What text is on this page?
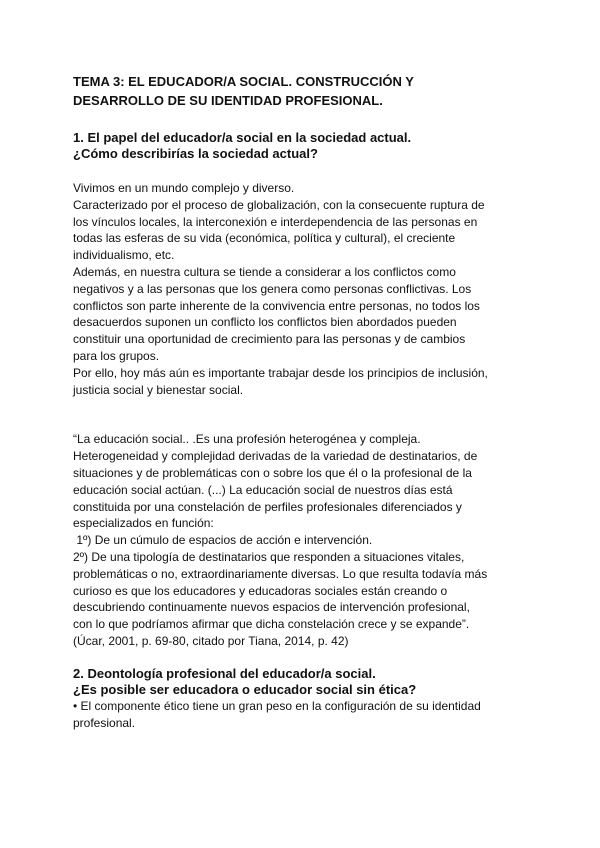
TEMA 3: EL EDUCADOR/A SOCIAL. CONSTRUCCIÓN Y
DESARROLLO DE SU IDENTIDAD PROFESIONAL.
1. El papel del educador/a social en la sociedad actual.
¿Cómo describirías la sociedad actual?
Vivimos en un mundo complejo y diverso.
Caracterizado por el proceso de globalización, con la consecuente ruptura de
los vínculos locales, la interconexión e interdependencia de las personas en
todas las esferas de su vida (económica, política y cultural), el creciente
individualismo, etc.
Además, en nuestra cultura se tiende a considerar a los conflictos como
negativos y a las personas que los genera como personas conflictivas. Los
conflictos son parte inherente de la convivencia entre personas, no todos los
desacuerdos suponen un conflicto los conflictos bien abordados pueden
constituir una oportunidad de crecimiento para las personas y de cambios
para los grupos.
Por ello, hoy más aún es importante trabajar desde los principios de inclusión,
justicia social y bienestar social.
“La educación social.. .Es una profesión heterogénea y compleja.
Heterogeneidad y complejidad derivadas de la variedad de destinatarios, de
situaciones y de problemáticas con o sobre los que él o la profesional de la
educación social actúan. (...) La educación social de nuestros días está
constituida por una constelación de perfiles profesionales diferenciados y
especializados en función:
1º) De un cúmulo de espacios de acción e intervención.
2º) De una tipología de destinatarios que responden a situaciones vitales,
problemáticas o no, extraordinariamente diversas. Lo que resulta todavía más
curioso es que los educadores y educadoras sociales están creando o
descubriendo continuamente nuevos espacios de intervención profesional,
con lo que podríamos afirmar que dicha constelación crece y se expande”.
(Úcar, 2001, p. 69-80, citado por Tiana, 2014, p. 42)
2. Deontología profesional del educador/a social.
¿Es posible ser educadora o educador social sin ética?
• El componente ético tiene un gran peso en la configuración de su identidad
profesional.
